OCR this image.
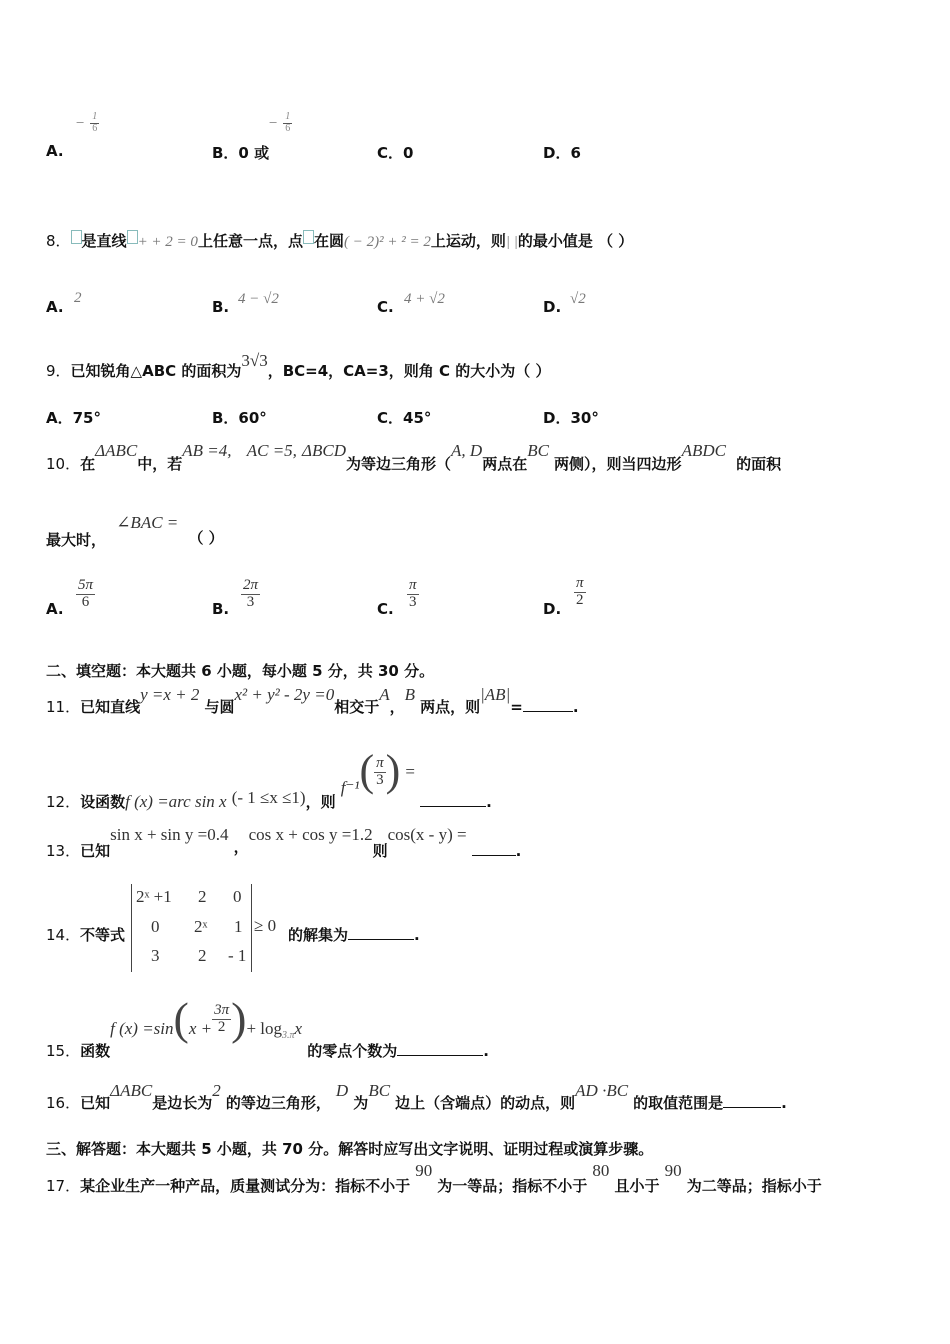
A.
− $\frac{1}{6}$
B．0 或
− $\frac{1}{6}$
C．0	D．6
8． 是直线 + + 2 = 0上任意一点，点 在圆( − 2)² + ² = 2上运动，则| |的最小值是 （ ）
A. 2	B. 4 − √2	C. 4 + √2	D. √2
9．已知锐角△ABC 的面积为3√3，BC=4，CA=3，则角 C 的大小为（ ）
A．75°	B．60°	C．45°	D．30°
10．在ΔABC中，若AB =4, AC =5, ΔBCD为等边三角形（A, D两点在BC 两侧），则当四边形ABDC  的面积
最大时，  ∠BAC =  （ ）
A. $\frac{5\pi}{6}$	B. $\frac{2\pi}{3}$	C. $\frac{\pi}{3}$	D.
$\frac{\pi}{2}$
二、填空题：本大题共 6 小题，每小题 5 分，共 30 分。
11．已知直线y =x + 2 与圆x² + y² - 2y =0相交于A，B 两点，则|AB|=	.
12．设函数f (x) =arc sin x (- 1 ≤x ≤1)，则 $f^{-1}( \frac{\pi}{3}$ ) = .
13．已知sin x + sin y =0.4 ，cos x + cos y =1.2则cos(x - y) = .
14． 不等式
2ˣ +1 2 0
0 2ˣ 1
3 2 - 1
≥ 0 的解集为	.
15．函数f $(x) =\sin(x + \frac{3\pi}{2}$ )+ $\log_{3.\pi}x$ 的零点个数为	.
16．已知ΔABC是边长为2 的等边三角形， D 为BC 边上（含端点）的动点，则AD ·BC 的取值范围是	.
三、解答题：本大题共 5 小题，共 70 分。解答时应写出文字说明、证明过程或演算步骤。
17．某企业生产一种产品，质量测试分为：指标不小于 90 为一等品；指标不小于 80 且小于 90 为二等品；指标小于
